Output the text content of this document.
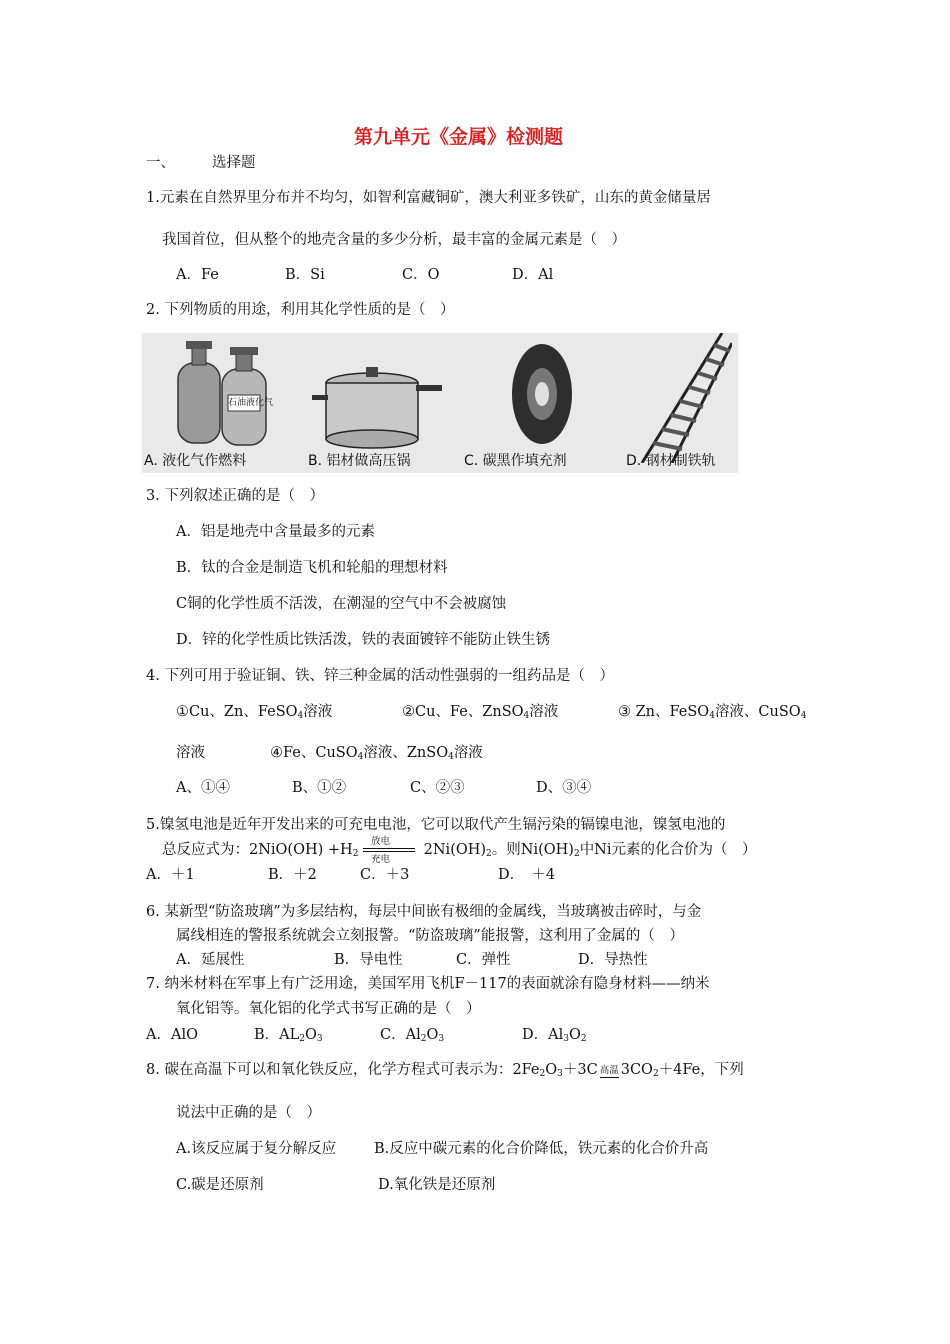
第九单元《金属》检测题
一、	选择题
1.元素在自然界里分布并不均匀，如智利富藏铜矿，澳大利亚多铁矿，山东的黄金储量居
我国首位，但从整个的地壳含量的多少分析，最丰富的金属元素是（　）
A．Fe	B．Si	C．O	D．Al
2. 下列物质的用途，利用其化学性质的是（　）
石油液化气
A. 液化气作燃料	B. 铝材做高压锅	C. 碳黑作填充剂	D. 钢材制铁轨
3. 下列叙述正确的是（　）
A．铝是地壳中含量最多的元素
B．钛的合金是制造飞机和轮船的理想材料
C铜的化学性质不活泼，在潮湿的空气中不会被腐蚀
D．锌的化学性质比铁活泼，铁的表面镀锌不能防止铁生锈
4. 下列可用于验证铜、铁、锌三种金属的活动性强弱的一组药品是（　）
①Cu、Zn、FeSO$_4$溶液	②Cu、Fe、ZnSO$_4$溶液	③ Zn、FeSO$_4$溶液、CuSO$_4$
溶液	④Fe、CuSO$_4$溶液、ZnSO$_4$溶液
A、①④	B、①②	C、②③	D、③④
5.镍氢电池是近年开发出来的可充电电池，它可以取代产生镉污染的镉镍电池，镍氢电池的
总反应式为：$2NiO(OH) +H_2$
放电
充电
$2Ni(OH)_2$。则$Ni(OH)_2$中Ni元素的化合价为（　）
A．＋1	B．＋2	C．＋3	D．　＋4
6. 某新型“防盗玻璃”为多层结构，每层中间嵌有极细的金属线，当玻璃被击碎时，与金
属线相连的警报系统就会立刻报警。“防盗玻璃”能报警，这利用了金属的（　）
A．延展性	B．导电性	C．弹性	D．导热性
7. 纳米材料在军事上有广泛用途，美国军用飞机F－117的表面就涂有隐身材料——纳米
氧化铝等。氧化铝的化学式书写正确的是（　）
A．AlO	B．$AL_2O_3$	C．$Al_2O_3$	D．$Al_3O_2$
8. 碳在高温下可以和氧化铁反应，化学方程式可表示为：$2Fe_2O_3+3C$ 高温 $3CO_2+4Fe$，下列
说法中正确的是（　）
A.该反应属于复分解反应	B.反应中碳元素的化合价降低，铁元素的化合价升高
C.碳是还原剂	D.氧化铁是还原剂
